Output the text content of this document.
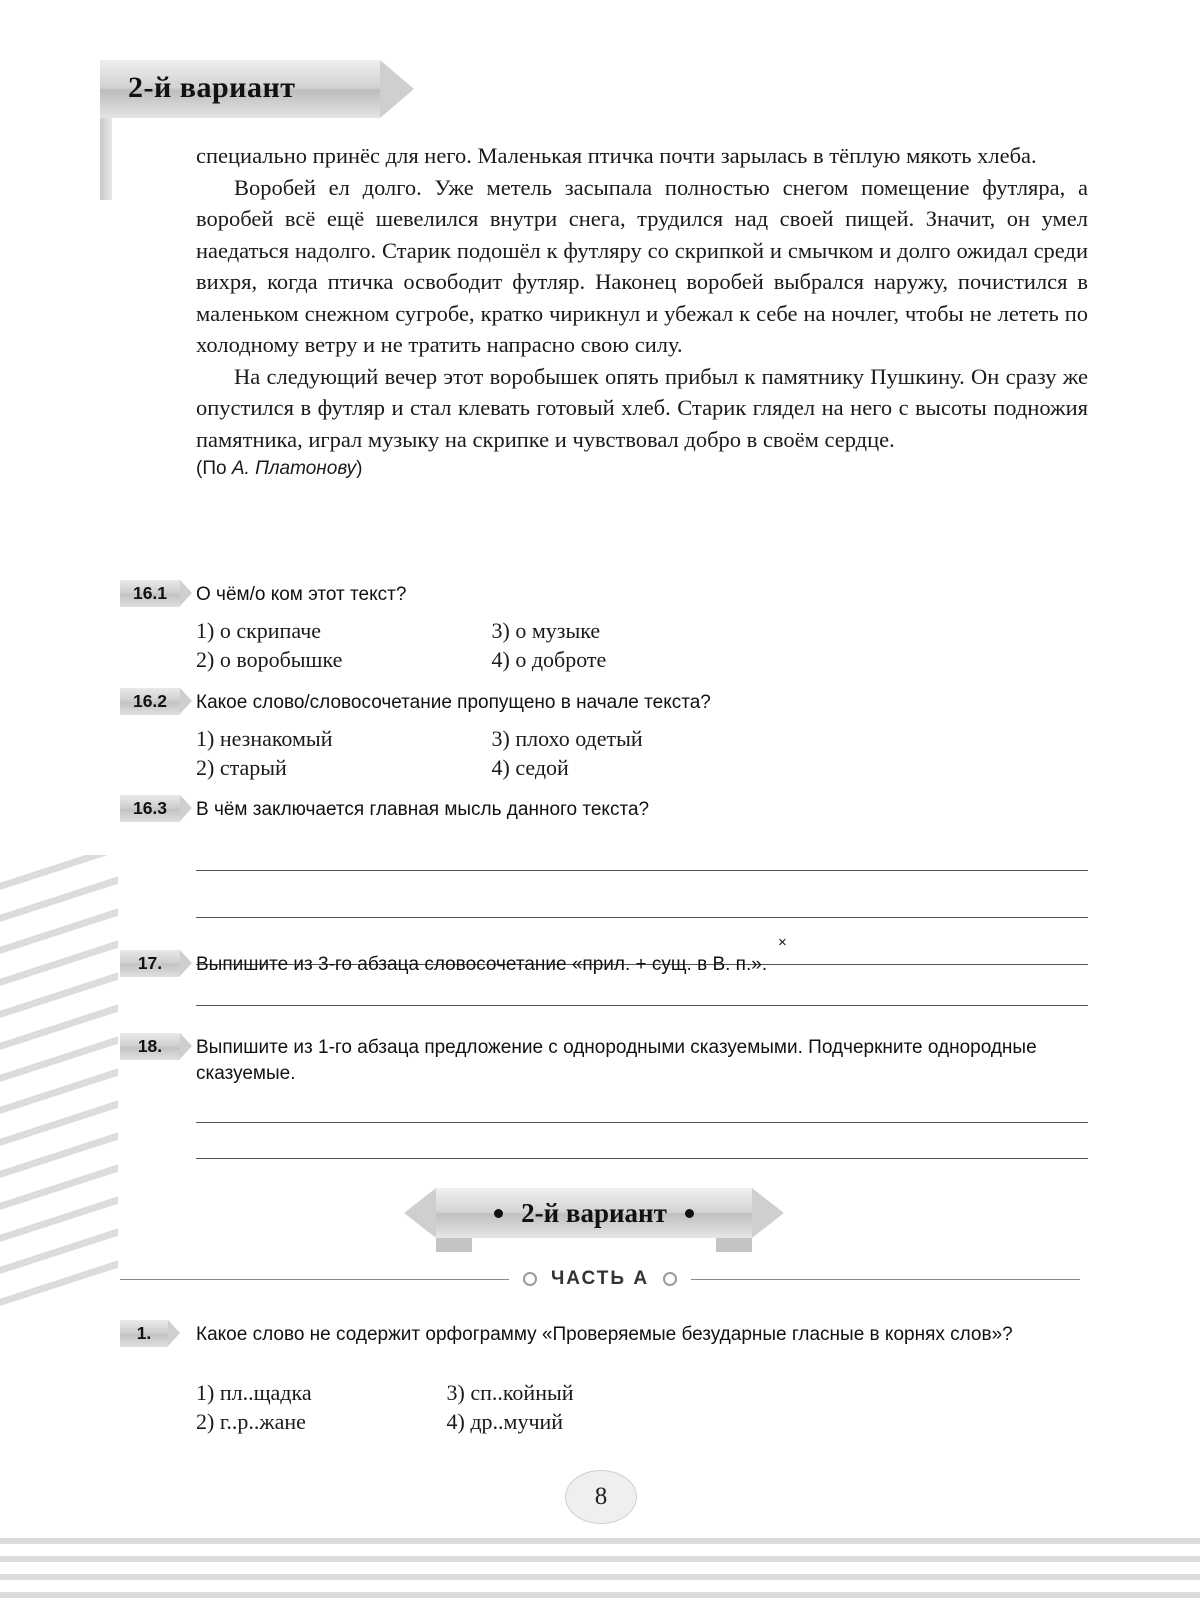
2-й вариант

специально принёс для него. Маленькая птичка почти зарылась в тёплую мякоть хлеба.

Воробей ел долго. Уже метель засыпала полностью снегом помещение футляра, а воробей всё ещё шевелился внутри снега, трудился над своей пищей. Значит, он умел наедаться надолго. Старик подошёл к футляру со скрипкой и смычком и долго ожидал среди вихря, когда птичка освободит футляр. Наконец воробей выбрался наружу, почистился в маленьком снежном сугробе, кратко чирикнул и убежал к себе на ночлег, чтобы не лететь по холодному ветру и не тратить напрасно свою силу.

На следующий вечер этот воробышек опять прибыл к памятнику Пушкину. Он сразу же опустился в футляр и стал клевать готовый хлеб. Старик глядел на него с высоты подножия памятника, играл музыку на скрипке и чувствовал добро в своём сердце.

(По А. Платонову)

16.1 О чём/о ком этот текст?
1) о скрипаче
2) о воробышке

3) о музыке
4) о доброте
16.2 Какое слово/словосочетание пропущено в начале текста?
1) незнакомый
2) старый

3) плохо одетый
4) седой
16.3 В чём заключается главная мысль данного текста?
×
17. Выпишите из 3-го абзаца словосочетание «прил. + сущ. в В. п.».
18. Выпишите из 1-го абзаца предложение с однородными сказуемыми. Подчеркните однородные сказуемые.
2-й вариант
ЧАСТЬ А
1. Какое слово не содержит орфограмму «Проверяемые безударные гласные в корнях слов»?
1) пл..щадка
2) г..р..жане

3) сп..койный
4) др..мучий
8
